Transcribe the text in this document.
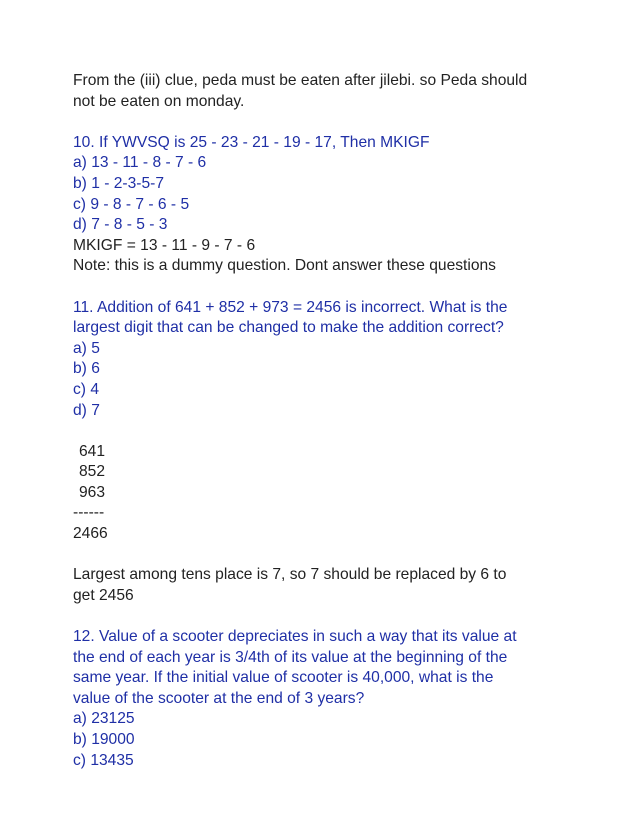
From the (iii) clue, peda must be eaten after jilebi. so Peda should
not be eaten on monday.
10. If YWVSQ is 25 - 23 - 21 - 19 - 17, Then MKIGF
a) 13 - 11 - 8 - 7 - 6
b) 1 - 2-3-5-7
c) 9 - 8 - 7 - 6 - 5
d) 7 - 8 - 5 - 3
MKIGF = 13 - 11 - 9 - 7 - 6
Note: this is a dummy question. Dont answer these questions
11. Addition of 641 + 852 + 973 = 2456 is incorrect. What is the
largest digit that can be changed to make the addition correct?
a) 5
b) 6
c) 4
d) 7
641
852
963
------
2466
Largest among tens place is 7, so 7 should be replaced by 6 to
get 2456
12. Value of a scooter depreciates in such a way that its value at
the end of each year is 3/4th of its value at the beginning of the
same year. If the initial value of scooter is 40,000, what is the
value of the scooter at the end of 3 years?
a) 23125
b) 19000
c) 13435
